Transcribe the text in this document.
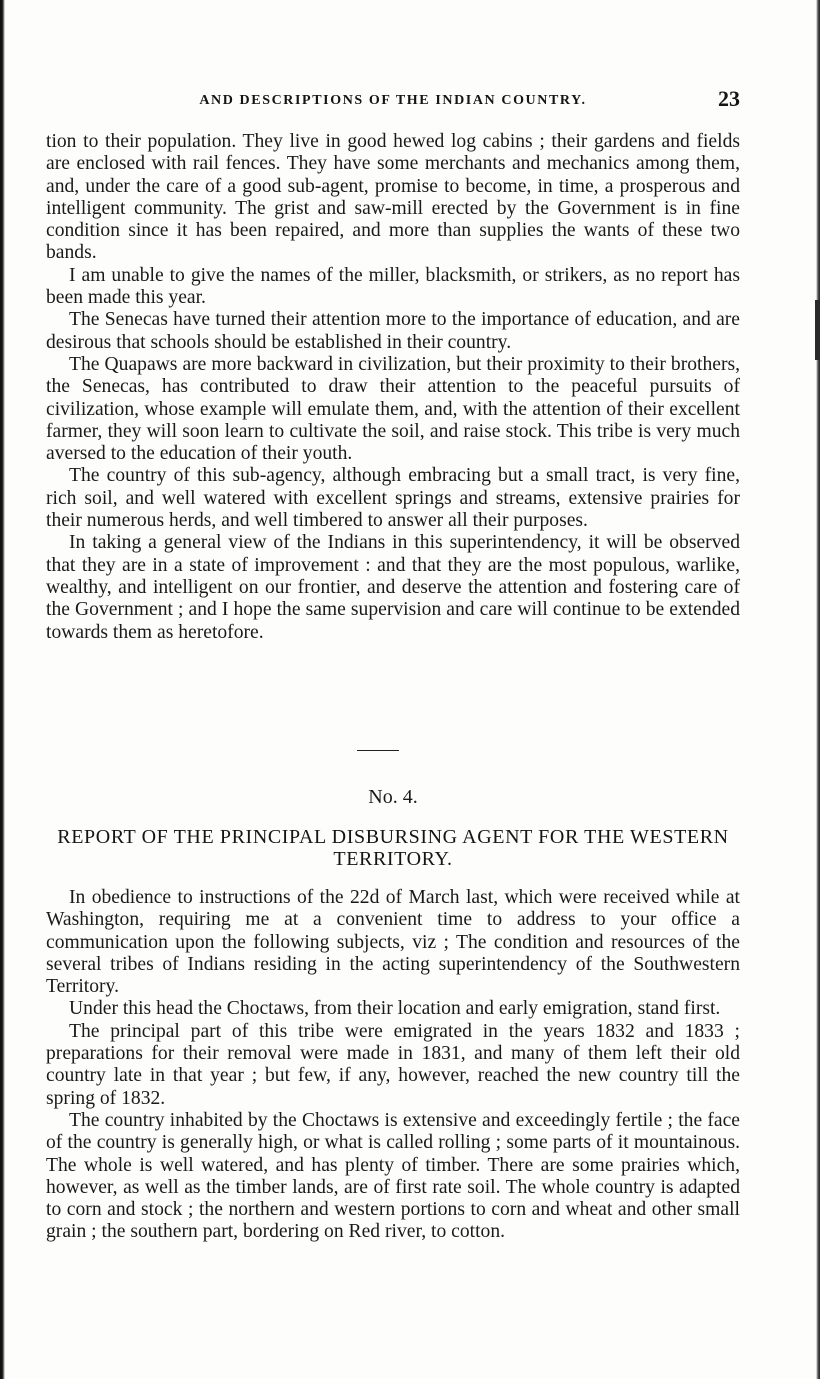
AND DESCRIPTIONS OF THE INDIAN COUNTRY.	23

tion to their population. They live in good hewed log cabins ; their gardens and fields are enclosed with rail fences. They have some merchants and mechanics among them, and, under the care of a good sub-agent, promise to become, in time, a prosperous and intelligent community. The grist and saw-mill erected by the Government is in fine condition since it has been repaired, and more than supplies the wants of these two bands.

I am unable to give the names of the miller, blacksmith, or strikers, as no report has been made this year.

The Senecas have turned their attention more to the importance of education, and are desirous that schools should be established in their country.

The Quapaws are more backward in civilization, but their proximity to their brothers, the Senecas, has contributed to draw their attention to the peaceful pursuits of civilization, whose example will emulate them, and, with the attention of their excellent farmer, they will soon learn to cultivate the soil, and raise stock. This tribe is very much aversed to the education of their youth.

The country of this sub-agency, although embracing but a small tract, is very fine, rich soil, and well watered with excellent springs and streams, extensive prairies for their numerous herds, and well timbered to answer all their purposes.

In taking a general view of the Indians in this superintendency, it will be observed that they are in a state of improvement : and that they are the most populous, warlike, wealthy, and intelligent on our frontier, and deserve the attention and fostering care of the Government ; and I hope the same supervision and care will continue to be extended towards them as heretofore.

No. 4.
REPORT OF THE PRINCIPAL DISBURSING AGENT FOR THE WESTERN TERRITORY.

In obedience to instructions of the 22d of March last, which were received while at Washington, requiring me at a convenient time to address to your office a communication upon the following subjects, viz ; The condition and resources of the several tribes of Indians residing in the acting superintendency of the Southwestern Territory.

Under this head the Choctaws, from their location and early emigration, stand first.

The principal part of this tribe were emigrated in the years 1832 and 1833 ; preparations for their removal were made in 1831, and many of them left their old country late in that year ; but few, if any, however, reached the new country till the spring of 1832.

The country inhabited by the Choctaws is extensive and exceedingly fertile ; the face of the country is generally high, or what is called rolling ; some parts of it mountainous. The whole is well watered, and has plenty of timber. There are some prairies which, however, as well as the timber lands, are of first rate soil. The whole country is adapted to corn and stock ; the northern and western portions to corn and wheat and other small grain ; the southern part, bordering on Red river, to cotton.
